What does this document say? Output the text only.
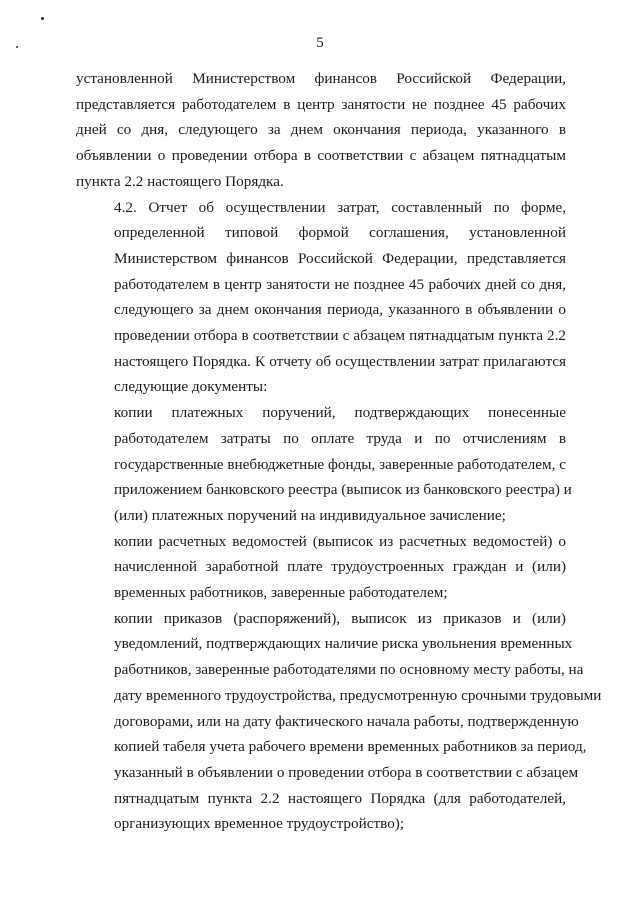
5

установленной Министерством финансов Российской Федерации,
представляется работодателем в центр занятости не позднее 45 рабочих
дней со дня, следующего за днем окончания периода, указанного в
объявлении о проведении отбора в соответствии с абзацем пятнадцатым
пункта 2.2 настоящего Порядка.

4.2. Отчет об осуществлении затрат, составленный по форме,
определенной типовой формой соглашения, установленной
Министерством финансов Российской Федерации, представляется
работодателем в центр занятости не позднее 45 рабочих дней со дня,
следующего за днем окончания периода, указанного в объявлении о
проведении отбора в соответствии с абзацем пятнадцатым пункта 2.2
настоящего Порядка. К отчету об осуществлении затрат прилагаются
следующие документы:

копии платежных поручений, подтверждающих понесенные
работодателем затраты по оплате труда и по отчислениям в
государственные внебюджетные фонды, заверенные работодателем, с
приложением банковского реестра (выписок из банковского реестра) и
(или) платежных поручений на индивидуальное зачисление;

копии расчетных ведомостей (выписок из расчетных ведомостей) о
начисленной заработной плате трудоустроенных граждан и (или)
временных работников, заверенные работодателем;

копии приказов (распоряжений), выписок из приказов и (или)
уведомлений, подтверждающих наличие риска увольнения временных
работников, заверенные работодателями по основному месту работы, на
дату временного трудоустройства, предусмотренную срочными трудовыми
договорами, или на дату фактического начала работы, подтвержденную
копией табеля учета рабочего времени временных работников за период,
указанный в объявлении о проведении отбора в соответствии с абзацем
пятнадцатым пункта 2.2 настоящего Порядка (для работодателей,
организующих временное трудоустройство);
